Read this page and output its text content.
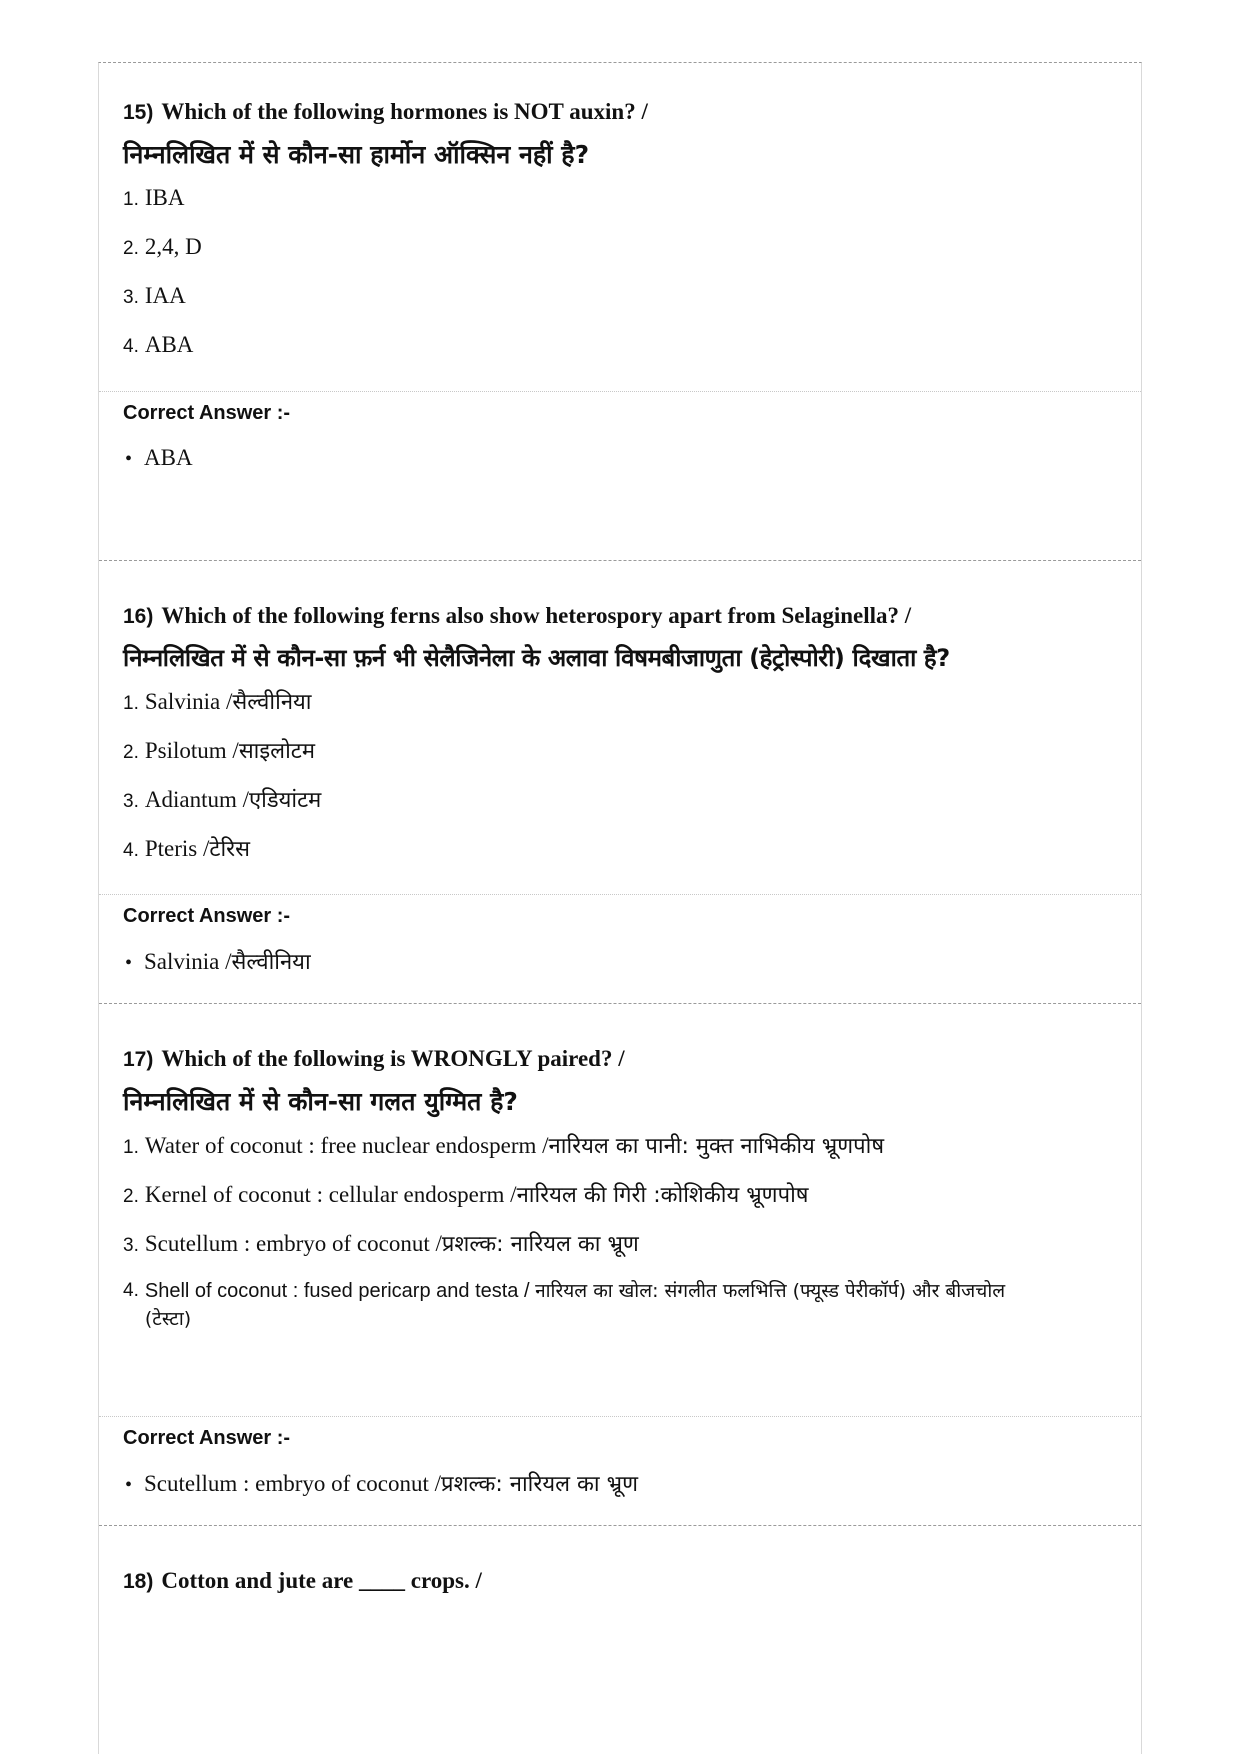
15) Which of the following hormones is NOT auxin? /

निम्नलिखित में से कौन-सा हार्मोन ऑक्सिन नहीं है?

1. IBA
2. 2,4, D
3. IAA
4. ABA

Correct Answer :-

• ABA
16) Which of the following ferns also show heterospory apart from Selaginella? /

निम्नलिखित में से कौन-सा फ़र्न भी सेलैजिनेला के अलावा विषमबीजाणुता (हेट्रोस्पोरी) दिखाता है?

1. Salvinia / सैल्वीनिया
2. Psilotum / साइलोटम
3. Adiantum / एडियांटम
4. Pteris / टेरिस

Correct Answer :-

• Salvinia / सैल्वीनिया
17) Which of the following is WRONGLY paired? /

निम्नलिखित में से कौन-सा गलत युग्मित है?

1. Water of coconut : free nuclear endosperm / नारियल का पानी: मुक्त नाभिकीय भ्रूणपोष
2. Kernel of coconut : cellular endosperm / नारियल की गिरी :कोशिकीय भ्रूणपोष
3. Scutellum : embryo of coconut / प्रशल्क: नारियल का भ्रूण
4. Shell of coconut : fused pericarp and testa / नारियल का खोल: संगलीत फलभित्ति (फ्यूस्ड पेरीकॉर्प) और बीजचोल (टेस्टा)

Correct Answer :-

• Scutellum : embryo of coconut / प्रशल्क: नारियल का भ्रूण
18) Cotton and jute are ____ crops. /
